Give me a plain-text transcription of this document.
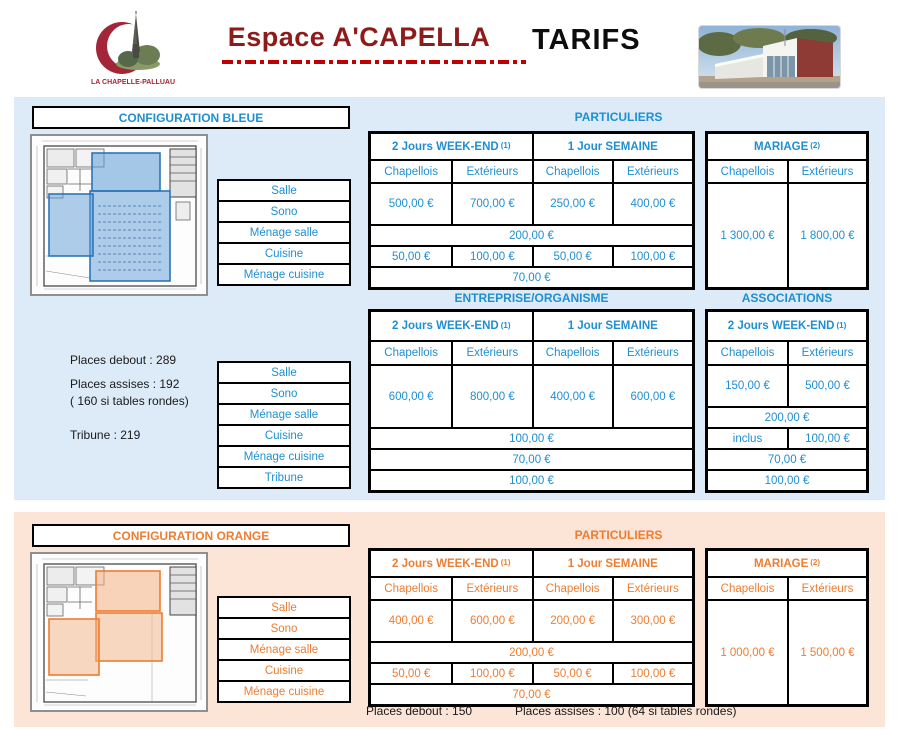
LA CHAPELLE-PALLUAU
Espace A'CAPELLA	TARIFS
CONFIGURATION BLEUE	PARTICULIERS
Salle
Sono
Ménage salle
Cuisine
Ménage cuisine
2 Jours WEEK-END (1)	1 Jour SEMAINE
Chapellois	Extérieurs	Chapellois	Extérieurs
500,00 €	700,00 €	250,00 €	400,00 €
200,00 €
50,00 €	100,00 €	50,00 €	100,00 €
70,00 €
MARIAGE (2)
Chapellois	Extérieurs
1 300,00 €	1 800,00 €
ENTREPRISE/ORGANISME	ASSOCIATIONS
Places debout : 289
Places assises : 192
( 160 si tables rondes)
Tribune : 219
Salle
Sono
Ménage salle
Cuisine
Ménage cuisine
Tribune
2 Jours WEEK-END (1)	1 Jour SEMAINE
Chapellois	Extérieurs	Chapellois	Extérieurs
600,00 €	800,00 €	400,00 €	600,00 €
100,00 €
70,00 €
100,00 €
2 Jours WEEK-END (1)
Chapellois	Extérieurs
150,00 €	500,00 €
200,00 €
inclus	100,00 €
70,00 €
100,00 €
CONFIGURATION ORANGE	PARTICULIERS
Salle
Sono
Ménage salle
Cuisine
Ménage cuisine
2 Jours WEEK-END (1)	1 Jour SEMAINE
Chapellois	Extérieurs	Chapellois	Extérieurs
400,00 €	600,00 €	200,00 €	300,00 €
200,00 €
50,00 €	100,00 €	50,00 €	100,00 €
70,00 €
MARIAGE (2)
Chapellois	Extérieurs
1 000,00 €	1 500,00 €
Places debout : 150	Places assises : 100 (64 si tables rondes)
